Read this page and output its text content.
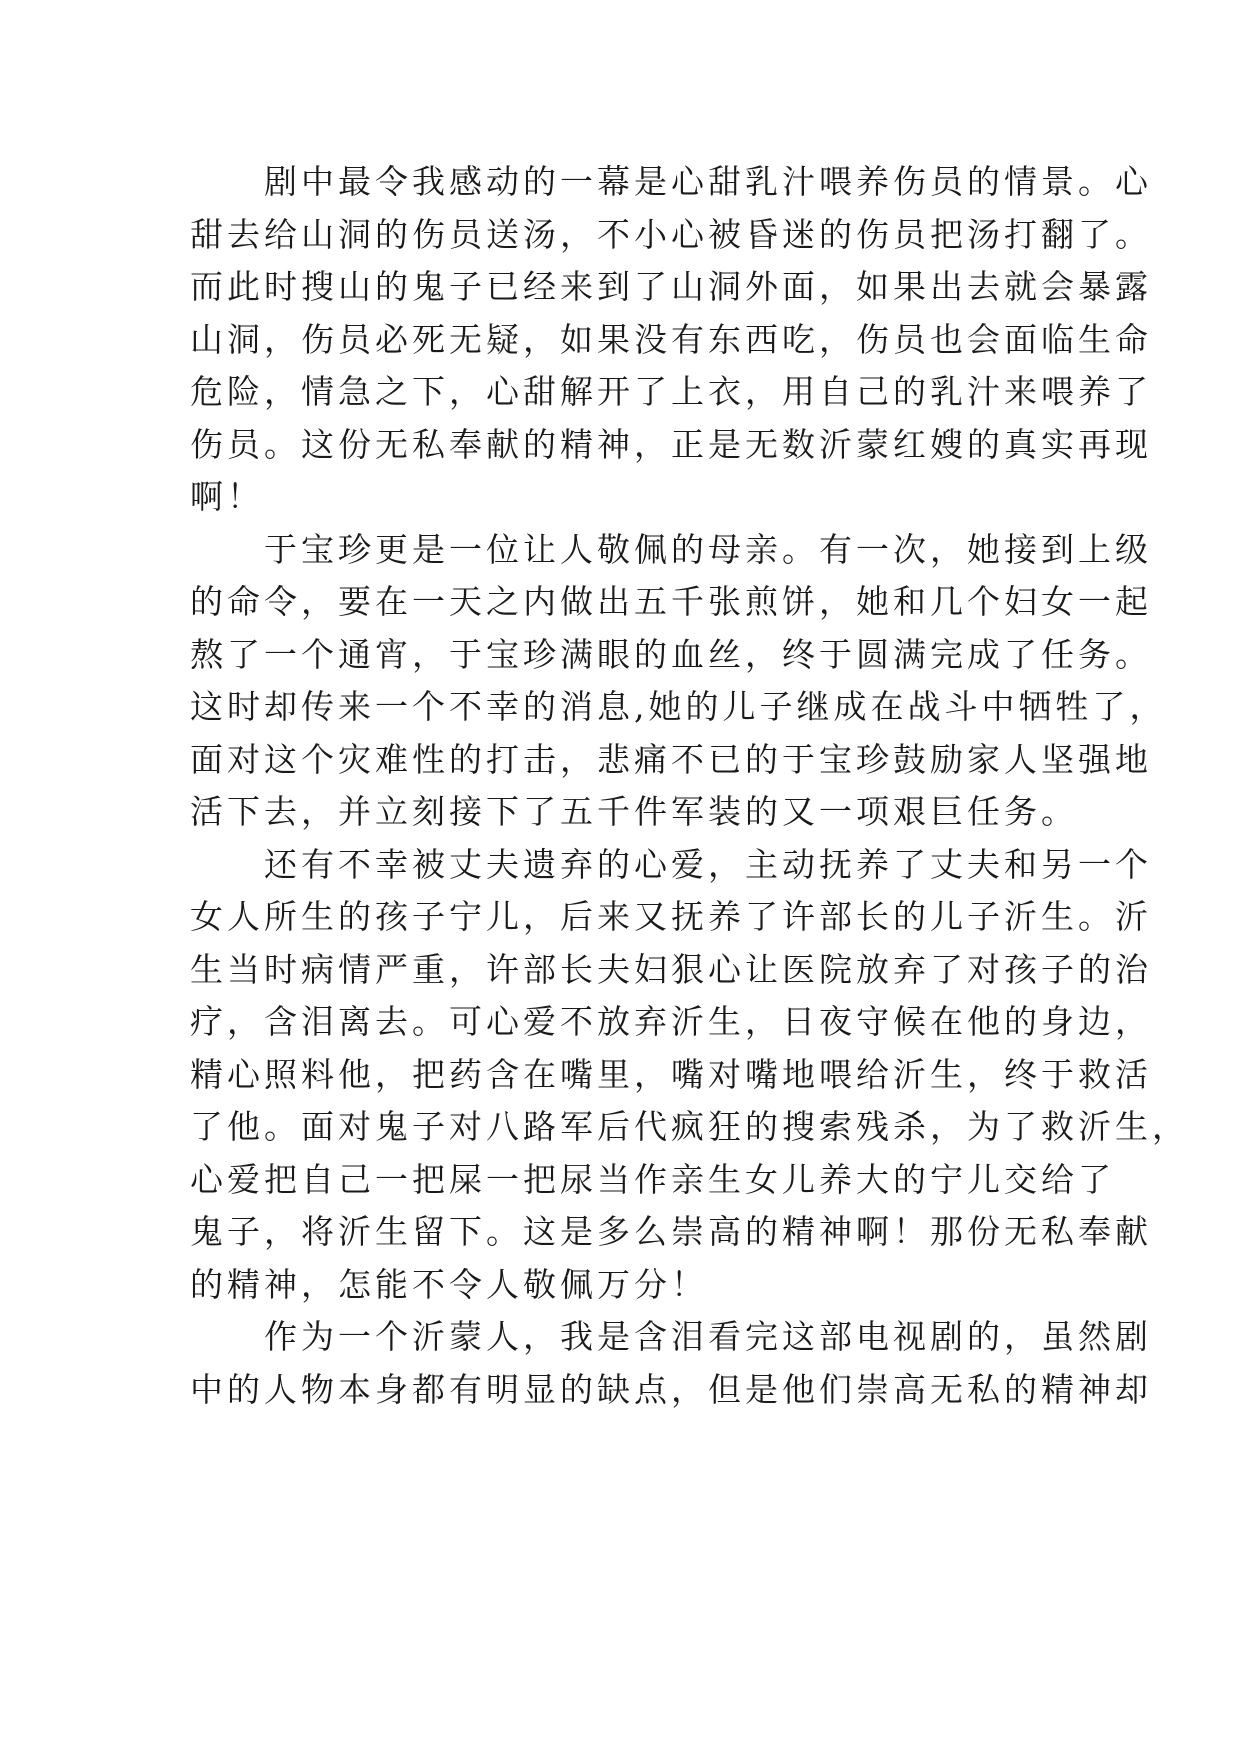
　　剧中最令我感动的一幕是心甜乳汁喂养伤员的情景。心
甜去给山洞的伤员送汤，不小心被昏迷的伤员把汤打翻了。
而此时搜山的鬼子已经来到了山洞外面，如果出去就会暴露
山洞，伤员必死无疑，如果没有东西吃，伤员也会面临生命
危险，情急之下，心甜解开了上衣，用自己的乳汁来喂养了
伤员。这份无私奉献的精神，正是无数沂蒙红嫂的真实再现
啊！
　　于宝珍更是一位让人敬佩的母亲。有一次，她接到上级
的命令，要在一天之内做出五千张煎饼，她和几个妇女一起
熬了一个通宵，于宝珍满眼的血丝，终于圆满完成了任务。
这时却传来一个不幸的消息,她的儿子继成在战斗中牺牲了，
面对这个灾难性的打击，悲痛不已的于宝珍鼓励家人坚强地
活下去，并立刻接下了五千件军装的又一项艰巨任务。
　　还有不幸被丈夫遗弃的心爱，主动抚养了丈夫和另一个
女人所生的孩子宁儿，后来又抚养了许部长的儿子沂生。沂
生当时病情严重，许部长夫妇狠心让医院放弃了对孩子的治
疗，含泪离去。可心爱不放弃沂生，日夜守候在他的身边，
精心照料他，把药含在嘴里，嘴对嘴地喂给沂生，终于救活
了他。面对鬼子对八路军后代疯狂的搜索残杀，为了救沂生，
心爱把自己一把屎一把尿当作亲生女儿养大的宁儿交给了
鬼子，将沂生留下。这是多么崇高的精神啊！那份无私奉献
的精神，怎能不令人敬佩万分！
　　作为一个沂蒙人，我是含泪看完这部电视剧的，虽然剧
中的人物本身都有明显的缺点，但是他们崇高无私的精神却
